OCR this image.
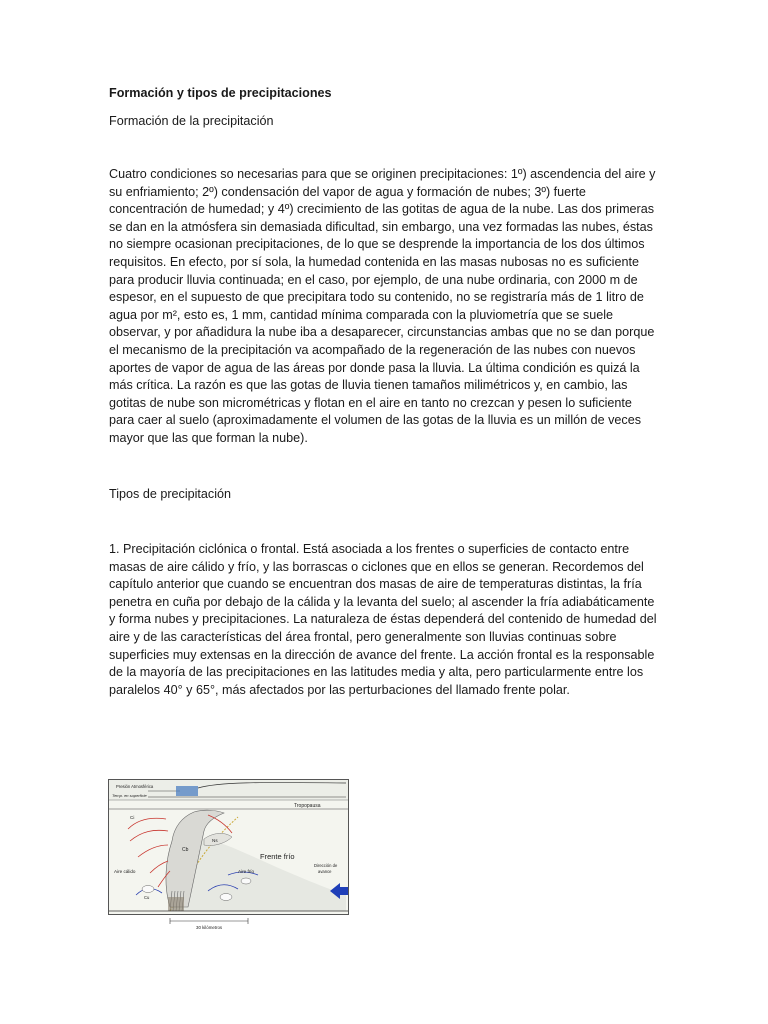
Formación y tipos de precipitaciones

Formación de la precipitación

Cuatro condiciones so necesarias para que se originen precipitaciones: 1º) ascendencia del aire y su enfriamiento; 2º) condensación del vapor de agua y formación de nubes; 3º) fuerte concentración de humedad; y 4º) crecimiento de las gotitas de agua de la nube. Las dos primeras se dan en la atmósfera sin demasiada dificultad, sin embargo, una vez formadas las nubes, éstas no siempre ocasionan precipitaciones, de lo que se desprende la importancia de los dos últimos requisitos. En efecto, por sí sola, la humedad contenida en las masas nubosas no es suficiente para producir lluvia continuada; en el caso, por ejemplo, de una nube ordinaria, con 2000 m de espesor, en el supuesto de que precipitara todo su contenido, no se registraría más de 1 litro de agua por m², esto es, 1 mm, cantidad mínima comparada con la pluviometría que se suele observar, y por añadidura la nube iba a desaparecer, circunstancias ambas que no se dan porque el mecanismo de la precipitación va acompañado de la regeneración de las nubes con nuevos aportes de vapor de agua de las áreas por donde pasa la lluvia. La última condición es quizá la más crítica. La razón es que las gotas de lluvia tienen tamaños milimétricos y, en cambio, las gotitas de nube son micrométricas y flotan en el aire en tanto no crezcan y pesen lo suficiente para caer al suelo (aproximadamente el volumen de las gotas de la lluvia es un millón de veces mayor que las que forman la nube).

Tipos de precipitación

1. Precipitación ciclónica o frontal. Está asociada a los frentes o superficies de contacto entre masas de aire cálido y frío, y las borrascas o ciclones que en ellos se generan. Recordemos del capítulo anterior que cuando se encuentran dos masas de aire de temperaturas distintas, la fría penetra en cuña por debajo de la cálida y la levanta del suelo; al ascender la fría adiabáticamente y forma nubes y precipitaciones. La naturaleza de éstas dependerá del contenido de humedad del aire y de las características del área frontal, pero generalmente son lluvias continuas sobre superficies muy extensas en la dirección de avance del frente. La acción frontal es la responsable de la mayoría de las precipitaciones en las latitudes media y alta, pero particularmente entre los paralelos 40° y 65°, más afectados por las perturbaciones del llamado frente polar.

Presión Atmosférica
Temp. en superficie
Tropopausa
Cb
Ns
Ci
Cu
Aire cálido	Aire frío
Frente frío
Dirección de
avance
30 kilómetros
